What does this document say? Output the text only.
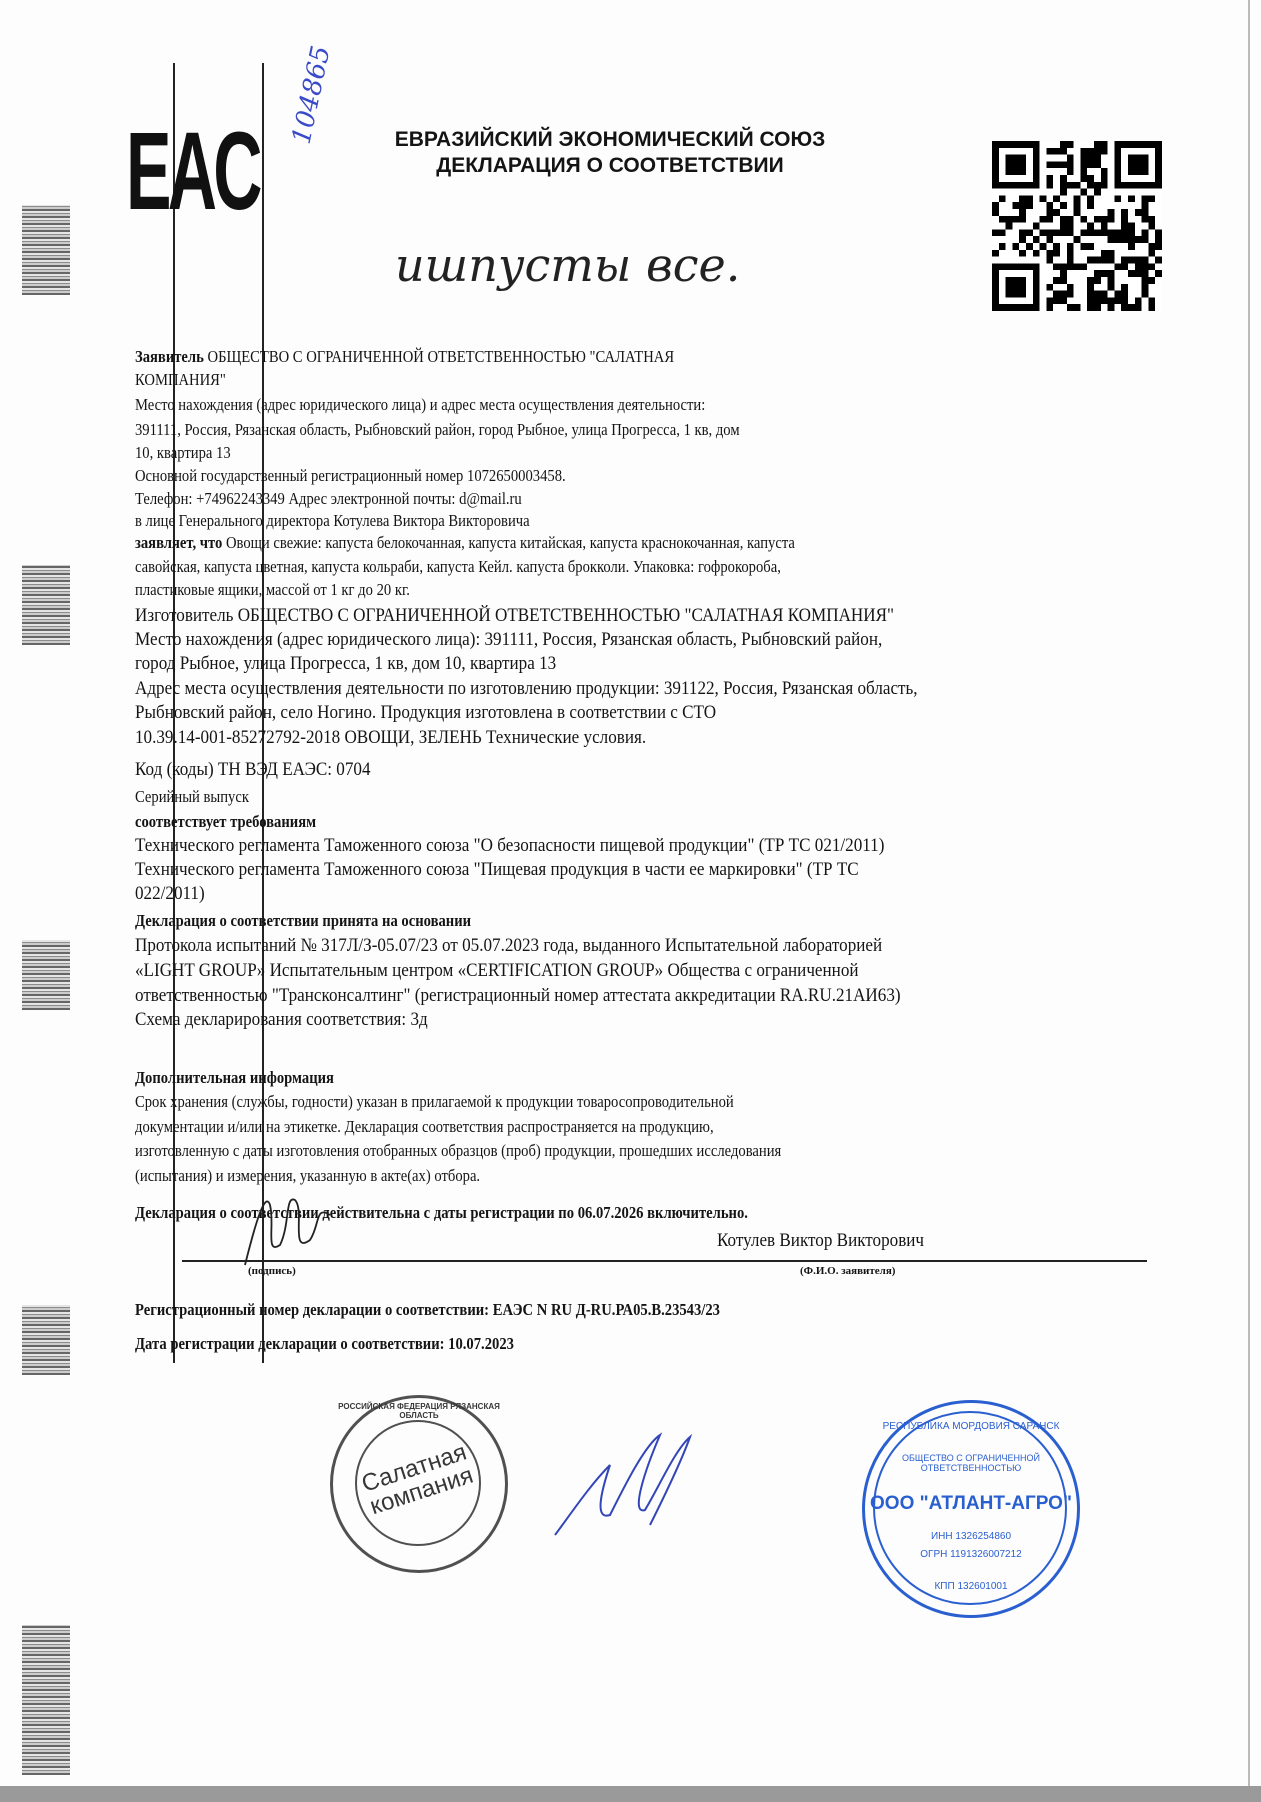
EAC
104865	ЕВРАЗИЙСКИЙ ЭКОНОМИЧЕСКИЙ СОЮЗ
ДЕКЛАРАЦИЯ О СООТВЕТСТВИИ
ишпусты все.
Заявитель ОБЩЕСТВО С ОГРАНИЧЕННОЙ ОТВЕТСТВЕННОСТЬЮ "САЛАТНАЯ
КОМПАНИЯ"
Место нахождения (адрес юридического лица) и адрес места осуществления деятельности:
391111, Россия, Рязанская область, Рыбновский район, город Рыбное, улица Прогресса, 1 кв, дом
10, квартира 13
Основной государственный регистрационный номер 1072650003458.
Телефон: +74962243349 Адрес электронной почты: d@mail.ru
в лице Генерального директора Котулева Виктора Викторовича
заявляет, что Овощи свежие: капуста белокочанная, капуста китайская, капуста краснокочанная, капуста
савойская, капуста цветная, капуста кольраби, капуста Кейл. капуста брокколи. Упаковка: гофрокороба,
пластиковые ящики, массой от 1 кг до 20 кг.
Изготовитель ОБЩЕСТВО С ОГРАНИЧЕННОЙ ОТВЕТСТВЕННОСТЬЮ "САЛАТНАЯ КОМПАНИЯ"
Место нахождения (адрес юридического лица): 391111, Россия, Рязанская область, Рыбновский район,
город Рыбное, улица Прогресса, 1 кв, дом 10, квартира 13
Адрес места осуществления деятельности по изготовлению продукции: 391122, Россия, Рязанская область,
Рыбновский район, село Ногино. Продукция изготовлена в соответствии с СТО
10.39.14-001-85272792-2018 ОВОЩИ, ЗЕЛЕНЬ Технические условия.
Код (коды) ТН ВЭД ЕАЭС: 0704
Серийный выпуск
соответствует требованиям
Технического регламента Таможенного союза "О безопасности пищевой продукции" (ТР ТС 021/2011)
Технического регламента Таможенного союза "Пищевая продукция в части ее маркировки" (ТР ТС
022/2011)
Декларация о соответствии принята на основании
Протокола испытаний № 317Л/З-05.07/23 от 05.07.2023 года, выданного Испытательной лабораторией
«LIGHT GROUP» Испытательным центром «CERTIFICATION GROUP» Общества с ограниченной
ответственностью "Трансконсалтинг" (регистрационный номер аттестата аккредитации RA.RU.21АИ63)
Схема декларирования соответствия: 3д
Дополнительная информация
Срок хранения (службы, годности) указан в прилагаемой к продукции товаросопроводительной
документации и/или на этикетке. Декларация соответствия распространяется на продукцию,
изготовленную с даты изготовления отобранных образцов (проб) продукции, прошедших исследования
(испытания) и измерения, указанную в акте(ах) отбора.
Декларация о соответствии действительна с даты регистрации по 06.07.2026 включительно.
Котулев Виктор Викторович
(подпись)	(Ф.И.О. заявителя)
Регистрационный номер декларации о соответствии: ЕАЭС N RU Д-RU.РА05.В.23543/23
Дата регистрации декларации о соответствии: 10.07.2023
РОССИЙСКАЯ ФЕДЕРАЦИЯ РЯЗАНСКАЯ ОБЛАСТЬ
Салатная компания
РЕСПУБЛИКА МОРДОВИЯ САРАНСК
ОБЩЕСТВО С ОГРАНИЧЕННОЙ ОТВЕТСТВЕННОСТЬЮ
ООО "АТЛАНТ-АГРО"
ИНН 1326254860
ОГРН 1191326007212
КПП 132601001
